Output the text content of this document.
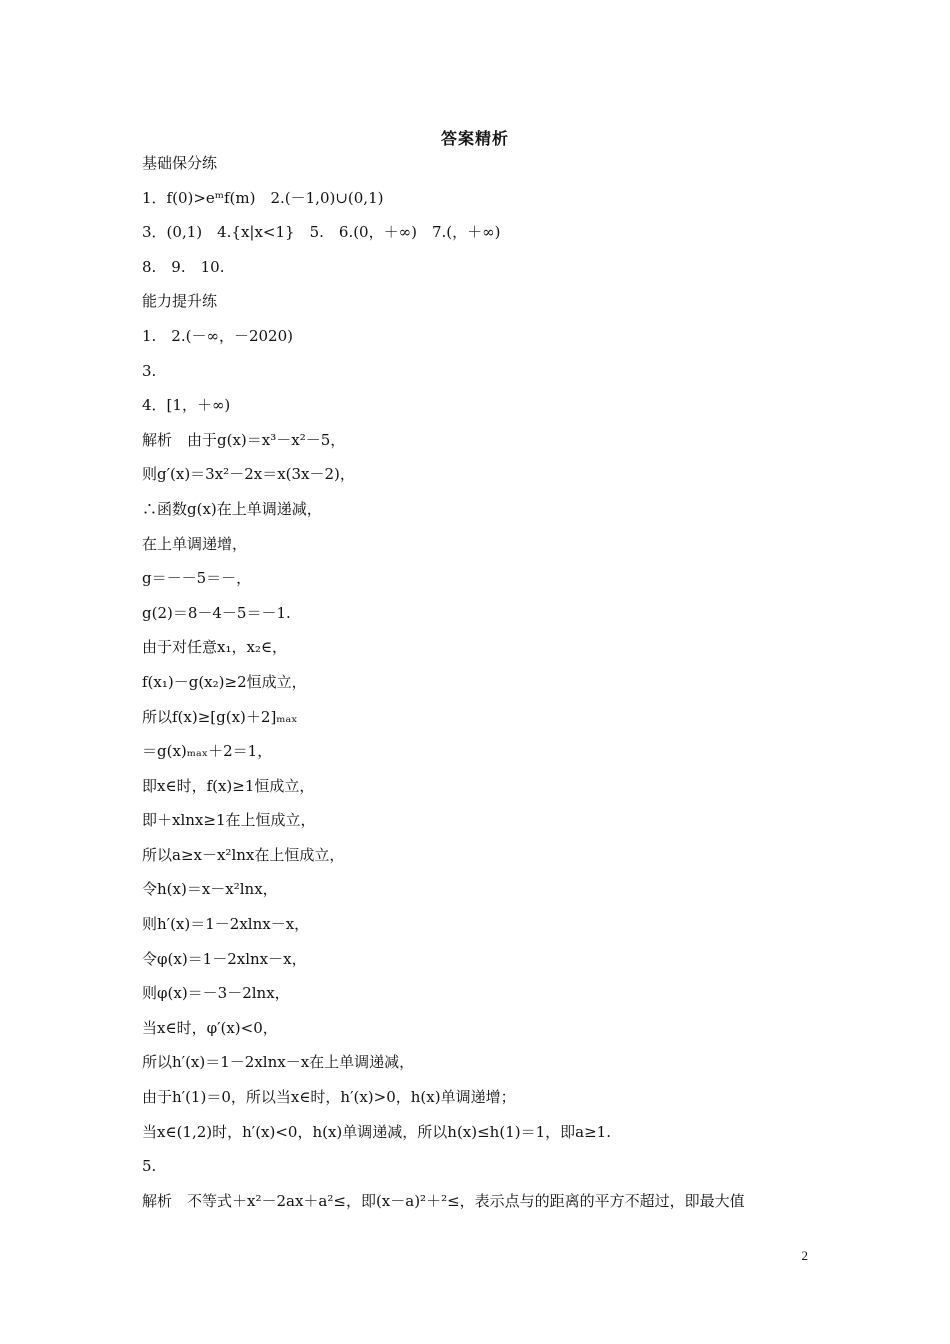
答案精析
基础保分练
1．f(0)>eᵐf(m)　2.(－1,0)∪(0,1)
3．(0,1)　4.{x|x<1}　5.　6.(0，＋∞)　7.(，＋∞)
8.　9.　10.
能力提升练
1.　2.(－∞，－2020)
3.
4．[1，＋∞)
解析　由于g(x)＝x³－x²－5，
则g′(x)＝3x²－2x＝x(3x－2)，
∴函数g(x)在上单调递减，
在上单调递增，
g＝－－5＝－，
g(2)＝8－4－5＝－1.
由于对任意x₁，x₂∈，
f(x₁)－g(x₂)≥2恒成立，
所以f(x)≥[g(x)＋2]ₘₐₓ
＝g(x)ₘₐₓ＋2＝1，
即x∈时，f(x)≥1恒成立，
即＋xlnx≥1在上恒成立，
所以a≥x－x²lnx在上恒成立，
令h(x)＝x－x²lnx，
则h′(x)＝1－2xlnx－x，
令φ(x)＝1－2xlnx－x，
则φ(x)＝－3－2lnx，
当x∈时，φ′(x)<0，
所以h′(x)＝1－2xlnx－x在上单调递减，
由于h′(1)＝0，所以当x∈时，h′(x)>0，h(x)单调递增；
当x∈(1,2)时，h′(x)<0，h(x)单调递减，所以h(x)≤h(1)＝1，即a≥1.
5.
解析　不等式＋x²－2ax＋a²≤，即(x－a)²＋²≤，表示点与的距离的平方不超过，即最大值
2
